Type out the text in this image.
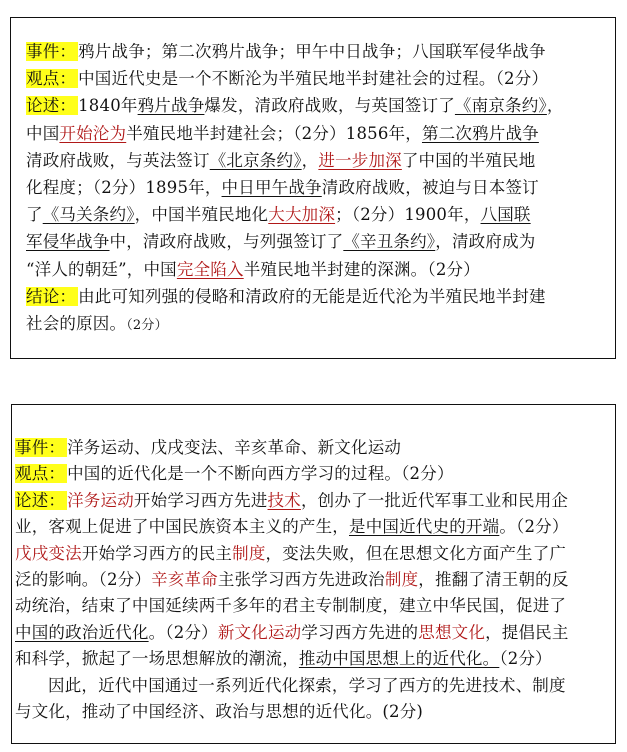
事件： 鸦片战争；第二次鸦片战争；甲午中日战争；八国联军侵华战争
观点： 中国近代史是一个不断沦为半殖民地半封建社会的过程。（2分）
论述： 1840年鸦片战争爆发，清政府战败，与英国签订了《南京条约》，
中国开始沦为半殖民地半封建社会；（2分）1856年，第二次鸦片战争
清政府战败，与英法签订《北京条约》，进一步加深了中国的半殖民地
化程度；（2分）1895年，中日甲午战争清政府战败，被迫与日本签订
了《马关条约》，中国半殖民地化大大加深；（2分）1900年，八国联
军侵华战争中，清政府战败，与列强签订了《辛丑条约》，清政府成为
“洋人的朝廷”，中国完全陷入半殖民地半封建的深渊。（2分）
结论： 由此可知列强的侵略和清政府的无能是近代沦为半殖民地半封建
社会的原因。（2分）
事件： 洋务运动、戊戌变法、辛亥革命、新文化运动
观点： 中国的近代化是一个不断向西方学习的过程。（2分）
论述： 洋务运动开始学习西方先进技术，创办了一批近代军事工业和民用企
业，客观上促进了中国民族资本主义的产生，是中国近代史的开端。（2分）
戊戌变法开始学习西方的民主制度，变法失败，但在思想文化方面产生了广
泛的影响。（2分）辛亥革命主张学习西方先进政治制度，推翻了清王朝的反
动统治，结束了中国延续两千多年的君主专制制度，建立中华民国，促进了
中国的政治近代化。（2分）新文化运动学习西方先进的思想文化，提倡民主
和科学，掀起了一场思想解放的潮流，推动中国思想上的近代化。（2分）
因此，近代中国通过一系列近代化探索，学习了西方的先进技术、制度
与文化，推动了中国经济、政治与思想的近代化。(2分)
